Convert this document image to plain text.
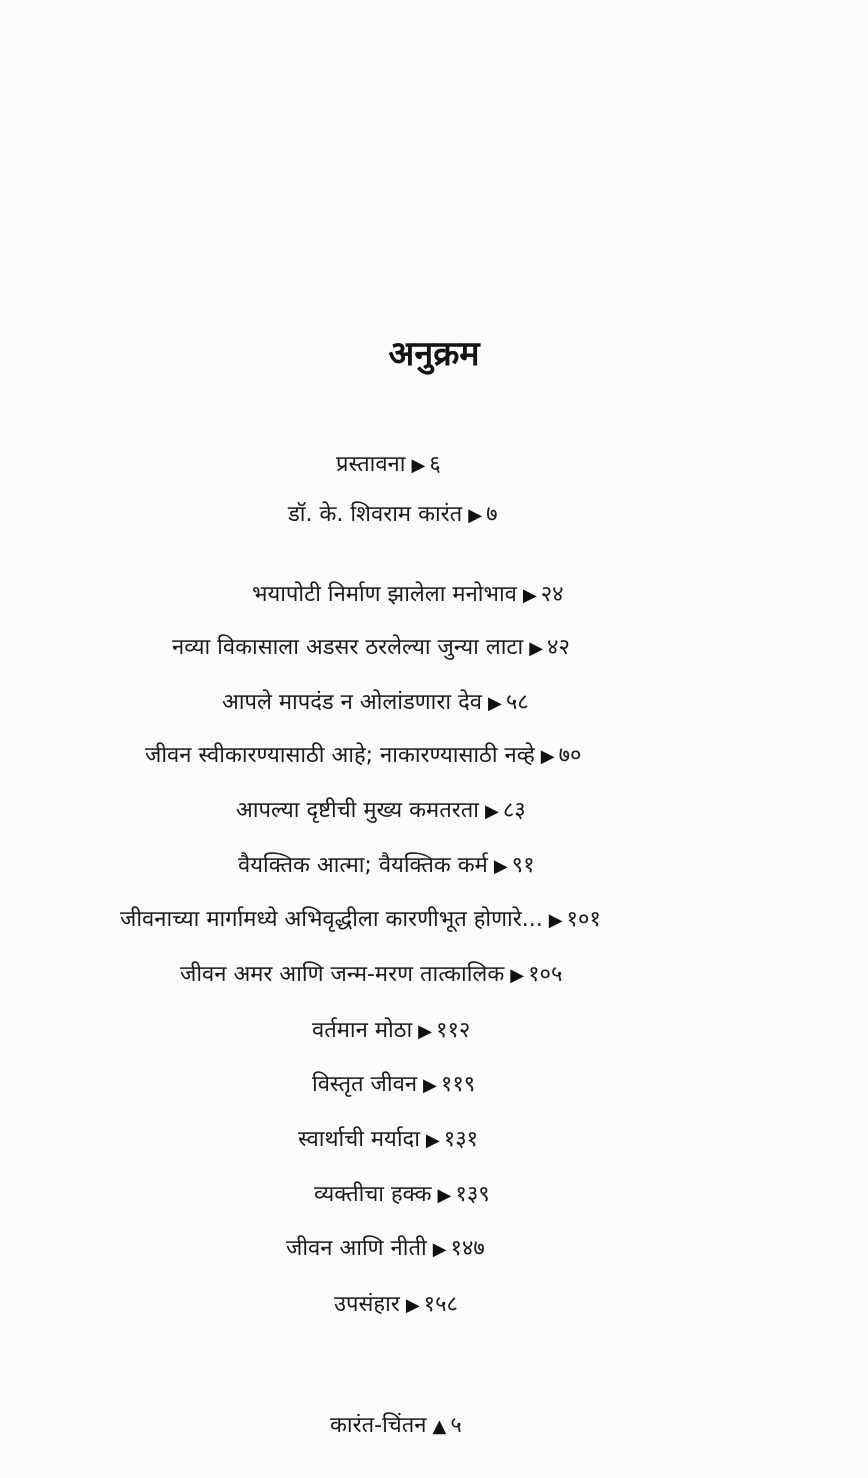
अनुक्रम
प्रस्तावना ▶ ६
डॉ. के. शिवराम कारंत ▶ ७
भयापोटी निर्माण झालेला मनोभाव ▶ २४
नव्या विकासाला अडसर ठरलेल्या जुन्या लाटा ▶ ४२
आपले मापदंड न ओलांडणारा देव ▶ ५८
जीवन स्वीकारण्यासाठी आहे; नाकारण्यासाठी नव्हे ▶ ७०
आपल्या दृष्टीची मुख्य कमतरता ▶ ८३
वैयक्तिक आत्मा; वैयक्तिक कर्म ▶ ९१
जीवनाच्या मार्गामध्ये अभिवृद्धीला कारणीभूत होणारे... ▶ १०१
जीवन अमर आणि जन्म-मरण तात्कालिक ▶ १०५
वर्तमान मोठा ▶ ११२
विस्तृत जीवन ▶ ११९
स्वार्थाची मर्यादा ▶ १३१
व्यक्तीचा हक्क ▶ १३९
जीवन आणि नीती ▶ १४७
उपसंहार ▶ १५८
कारंत-चिंतन ▲ ५
